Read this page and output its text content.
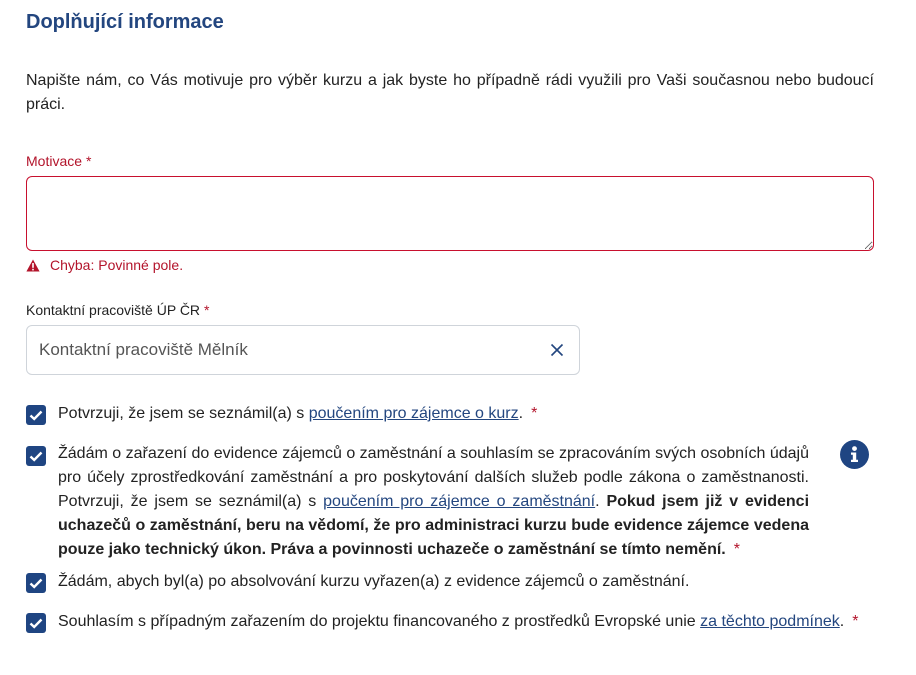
Doplňující informace
Napište nám, co Vás motivuje pro výběr kurzu a jak byste ho případně rádi využili pro Vaši současnou nebo budoucí práci.
Motivace *
Chyba: Povinné pole.
Kontaktní pracoviště ÚP ČR *
Kontaktní pracoviště Mělník
Potvrzuji, že jsem se seznámil(a) s poučením pro zájemce o kurz. *
Žádám o zařazení do evidence zájemců o zaměstnání a souhlasím se zpracováním svých osobních údajů pro účely zprostředkování zaměstnání a pro poskytování dalších služeb podle zákona o zaměstnanosti. Potvrzuji, že jsem se seznámil(a) s poučením pro zájemce o zaměstnání. Pokud jsem již v evidenci uchazečů o zaměstnání, beru na vědomí, že pro administraci kurzu bude evidence zájemce vedena pouze jako technický úkon. Práva a povinnosti uchazeče o zaměstnání se tímto nemění. *
Žádám, abych byl(a) po absolvování kurzu vyřazen(a) z evidence zájemců o zaměstnání.
Souhlasím s případným zařazením do projektu financovaného z prostředků Evropské unie za těchto podmínek. *
